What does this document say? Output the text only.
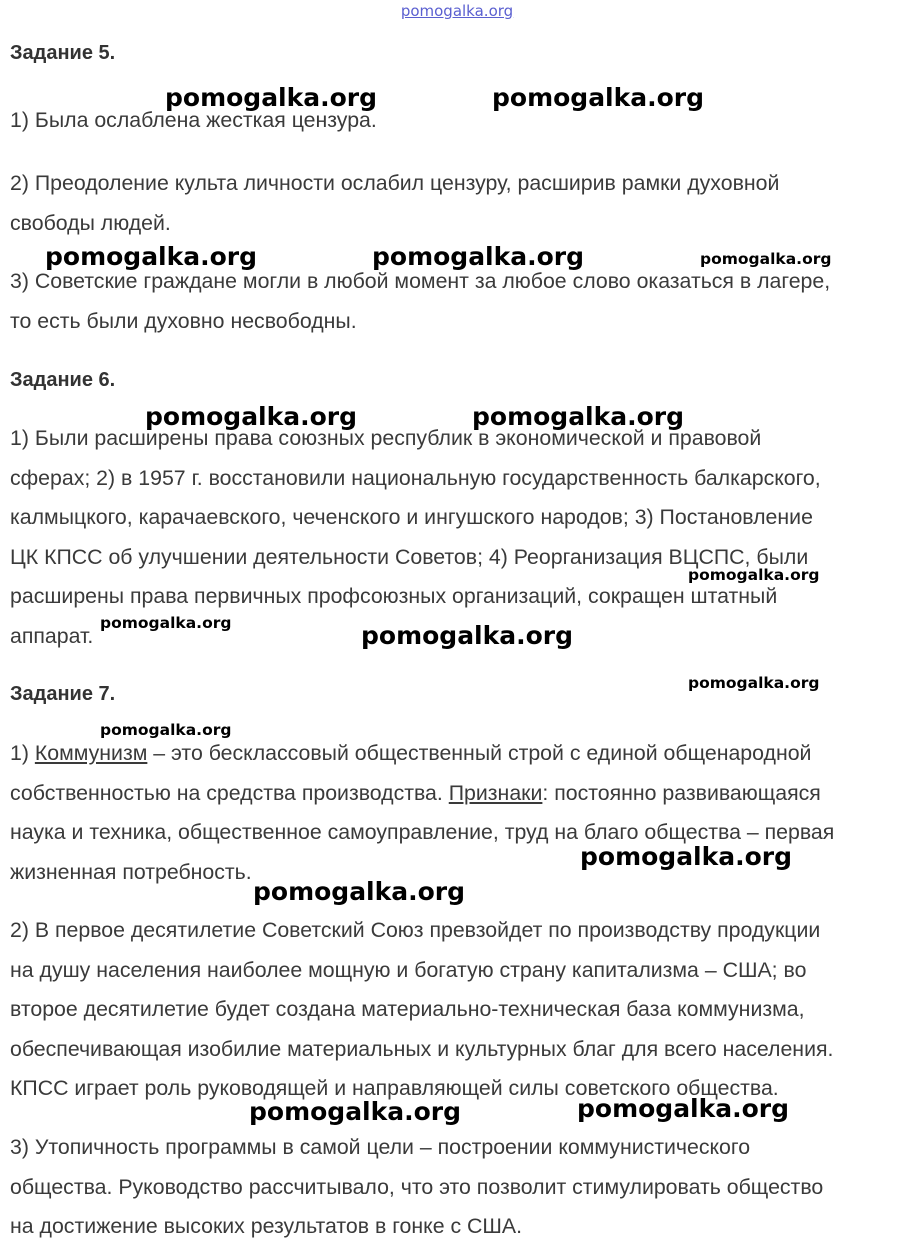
pomogalka.org
Задание 5.
1) Была ослаблена жесткая цензура.
2) Преодоление культа личности ослабил цензуру, расширив рамки духовной
свободы людей.
3) Советские граждане могли в любой момент за любое слово оказаться в лагере,
то есть были духовно несвободны.
Задание 6.
1) Были расширены права союзных республик в экономической и правовой
сферах; 2) в 1957 г. восстановили национальную государственность балкарского,
калмыцкого, карачаевского, чеченского и ингушского народов; 3) Постановление
ЦК КПСС об улучшении деятельности Советов; 4) Реорганизация ВЦСПС, были
расширены права первичных профсоюзных организаций, сокращен штатный
аппарат.
Задание 7.
1) Коммунизм – это бесклассовый общественный строй с единой общенародной
собственностью на средства производства. Признаки: постоянно развивающаяся
наука и техника, общественное самоуправление, труд на благо общества – первая
жизненная потребность.
2) В первое десятилетие Советский Союз превзойдет по производству продукции
на душу населения наиболее мощную и богатую страну капитализма – США; во
второе десятилетие будет создана материально-техническая база коммунизма,
обеспечивающая изобилие материальных и культурных благ для всего населения.
КПСС играет роль руководящей и направляющей силы советского общества.
3) Утопичность программы в самой цели – построении коммунистического
общества. Руководство рассчитывало, что это позволит стимулировать общество
на достижение высоких результатов в гонке с США.
pomogalka.org	pomogalka.org
pomogalka.org	pomogalka.org	pomogalka.org
pomogalka.org	pomogalka.org
pomogalka.org
pomogalka.org	pomogalka.org
pomogalka.org
pomogalka.org
pomogalka.org
pomogalka.org
pomogalka.org	pomogalka.org
